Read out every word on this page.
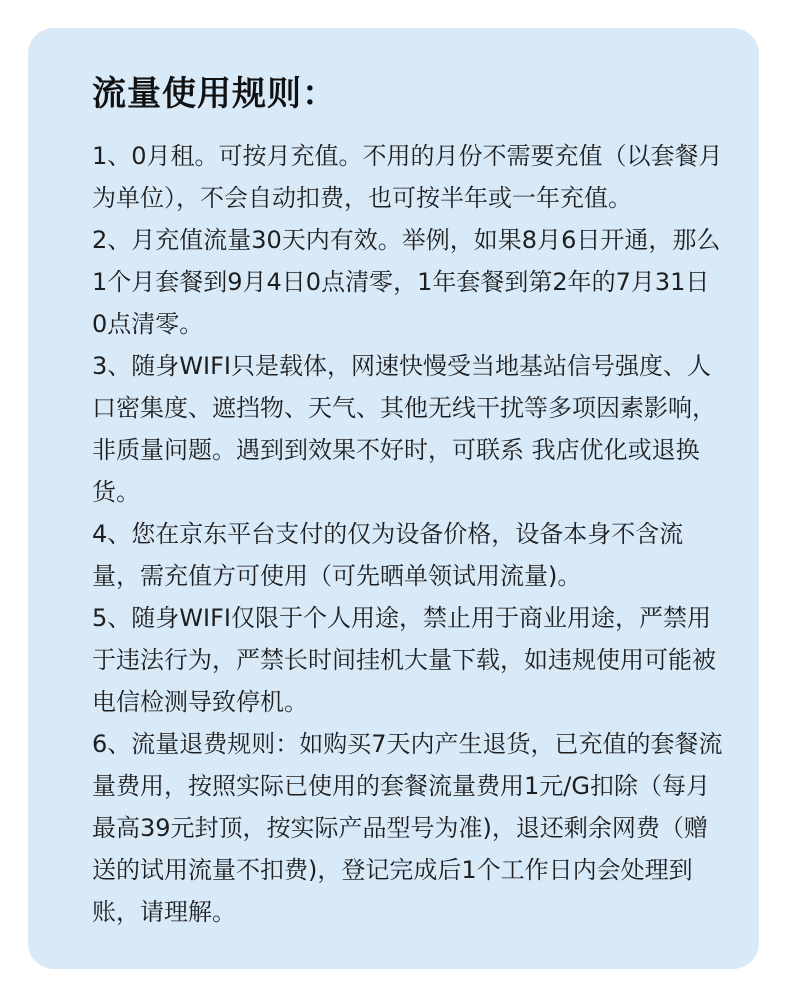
流量使用规则：

1、0月租。可按月充值。不用的月份不需要充值（以套餐月为单位），不会自动扣费，也可按半年或一年充值。

2、月充值流量30天内有效。举例，如果8月6日开通，那么1个月套餐到9月4日0点清零，1年套餐到第2年的7月31日0点清零。

3、随身WIFI只是载体，网速快慢受当地基站信号强度、人口密集度、遮挡物、天气、其他无线干扰等多项因素影响，非质量问题。遇到到效果不好时，可联系 我店优化或退换货。

4、您在京东平台支付的仅为设备价格，设备本身不含流量，需充值方可使用（可先晒单领试用流量)。

5、随身WIFI仅限于个人用途，禁止用于商业用途，严禁用于违法行为，严禁长时间挂机大量下载，如违规使用可能被电信检测导致停机。

6、流量退费规则：如购买7天内产生退货，已充值的套餐流量费用，按照实际已使用的套餐流量费用1元/G扣除（每月最高39元封顶，按实际产品型号为准)，退还剩余网费（赠送的试用流量不扣费)，登记完成后1个工作日内会处理到账，请理解。
